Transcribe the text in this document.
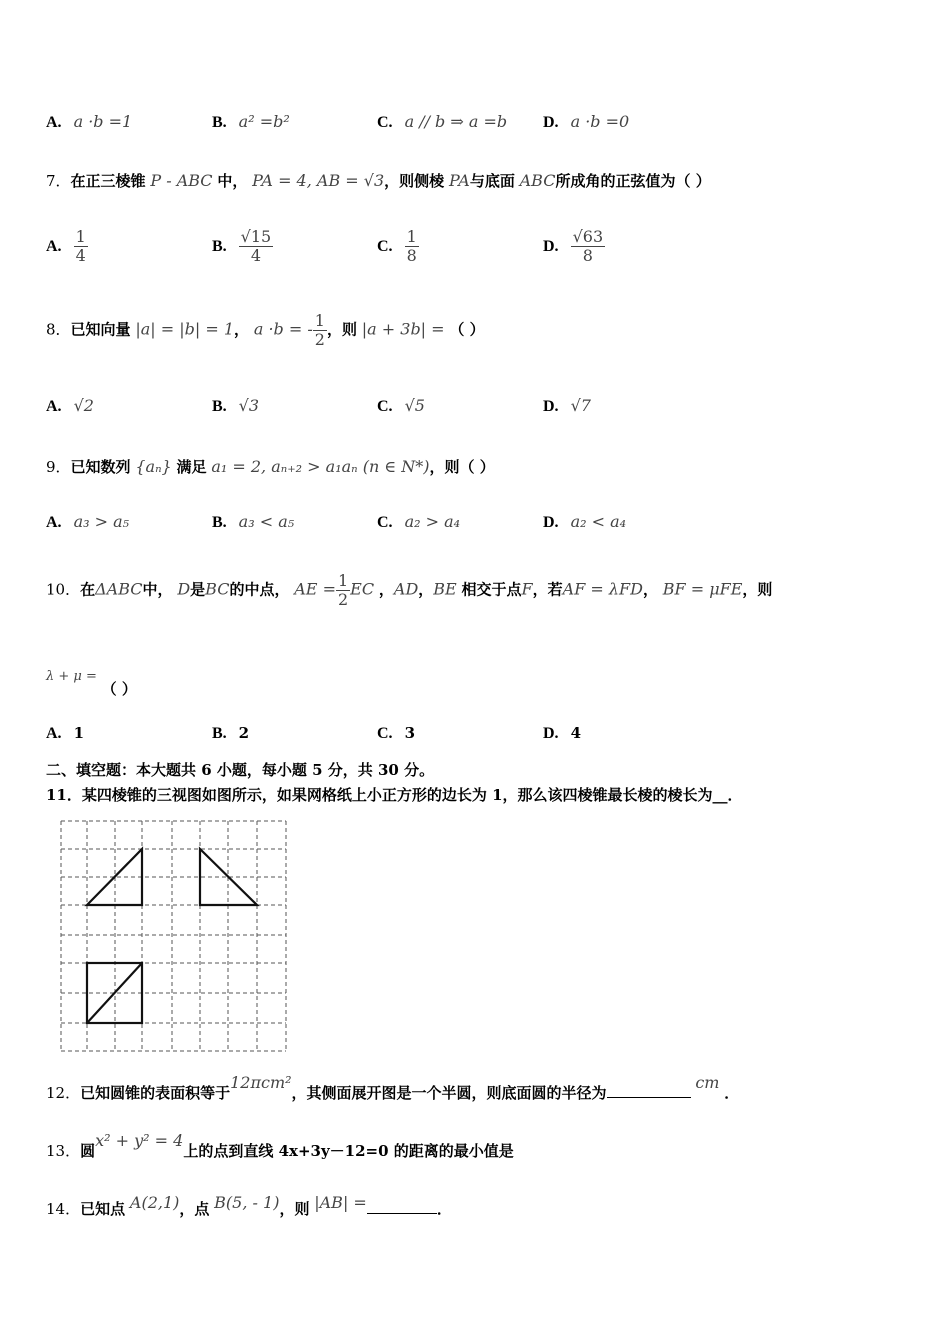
A. a ·b =1	B. a² =b²	C. a // b ⇒ a =b D. a ·b =0
7．在正三棱锥 P - ABC 中， PA = 4, AB = √3，则侧棱 PA与底面 ABC所成角的正弦值为（ ）
A. $\frac{1}{4}$	B. $\frac{√15}{4}$	C. $\frac{1}{8}$	D. $\frac{√63}{8}$
8．已知向量 |a| = |b| = 1， a ·b = - $\frac{1}{2}$ ，则 |a + 3b| = （ ）
A. √2	B. √3	C. √5	D. √7
9．已知数列 {aₙ} 满足 a₁ = 2, aₙ₊₂ > a₁aₙ (n ∈ N*)，则（ ）
A. a₃ > a₅	B. a₃ < a₅	C. a₂ > a₄	D. a₂ < a₄
10．在ΔABC中， D是BC的中点， AE = $\frac{1}{2}$ EC ，AD，BE 相交于点F，若AF = λFD， BF = μFE，则
λ + μ = （ ）
A. 1	B. 2	C. 3	D. 4
二、填空题：本大题共 6 小题，每小题 5 分，共 30 分。
11．某四棱锥的三视图如图所示，如果网格纸上小正方形的边长为 1，那么该四棱锥最长棱的棱长为__．
12．已知圆锥的表面积等于12πcm²，其侧面展开图是一个半圆，则底面圆的半径为 cm ．
13．圆x² + y² = 4上的点到直线 4x+3y－12=0 的距离的最小值是
14．已知点 A(2,1)，点 B(5, - 1)，则 |AB| =	．
